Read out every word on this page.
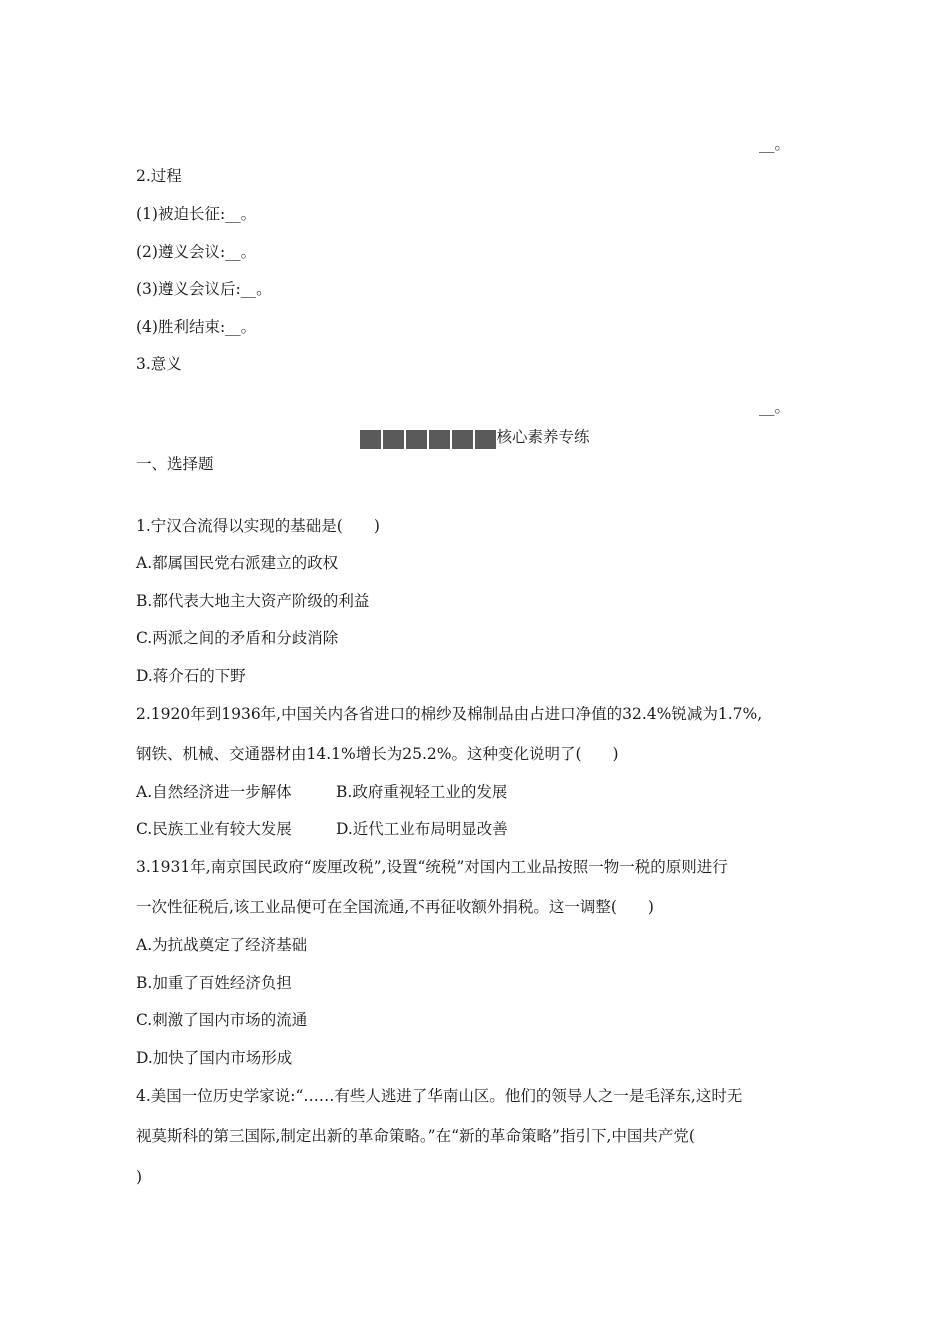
__。
2.过程
(1)被迫长征:__。
(2)遵义会议:__。
(3)遵义会议后:__。
(4)胜利结束:__。
3.意义
__。
核心素养专练
一、选择题
1.宁汉合流得以实现的基础是(　　)
A.都属国民党右派建立的政权
B.都代表大地主大资产阶级的利益
C.两派之间的矛盾和分歧消除
D.蒋介石的下野
2.1920年到1936年,中国关内各省进口的棉纱及棉制品由占进口净值的32.4%锐减为1.7%,
钢铁、机械、交通器材由14.1%增长为25.2%。这种变化说明了(　　)
A.自然经济进一步解体	B.政府重视轻工业的发展
C.民族工业有较大发展	D.近代工业布局明显改善
3.1931年,南京国民政府“废厘改税”,设置“统税”对国内工业品按照一物一税的原则进行
一次性征税后,该工业品便可在全国流通,不再征收额外捐税。这一调整(　　)
A.为抗战奠定了经济基础
B.加重了百姓经济负担
C.刺激了国内市场的流通
D.加快了国内市场形成
4.美国一位历史学家说:“……有些人逃进了华南山区。他们的领导人之一是毛泽东,这时无
视莫斯科的第三国际,制定出新的革命策略。”在“新的革命策略”指引下,中国共产党(
)
